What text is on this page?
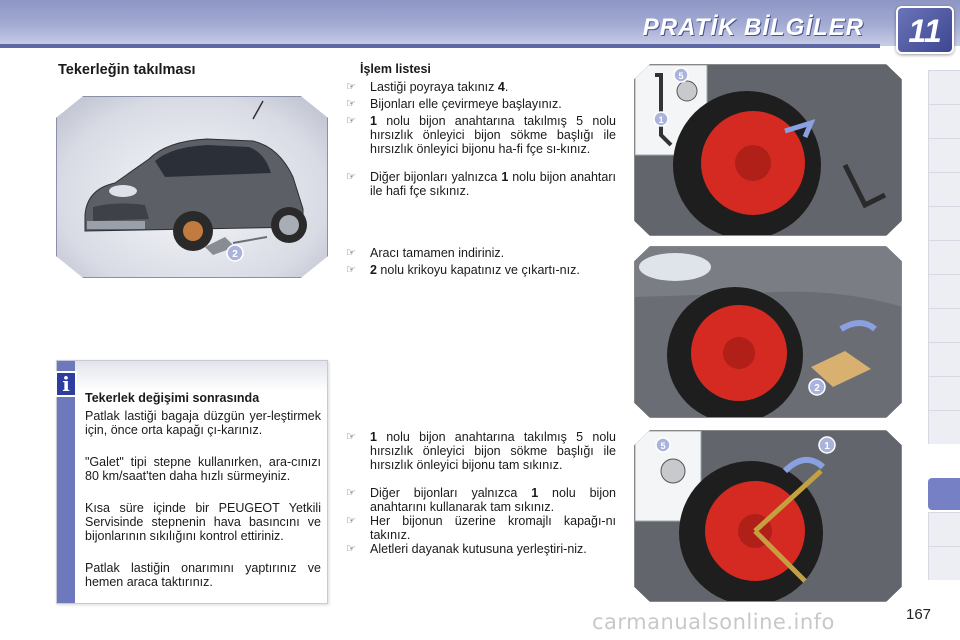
PRATİK BİLGİLER	11
Tekerleğin takılması
2
i
Tekerlek değişimi sonrasında
Patlak lastiği bagaja düzgün yer-leştirmek için, önce orta kapağı çı-karınız.
"Galet" tipi stepne kullanırken, ara-cınızı 80 km/saat'ten daha hızlı sürmeyiniz.
Kısa süre içinde bir PEUGEOT Yetkili Servisinde stepnenin hava basıncını ve bijonlarının sıkılığını kontrol ettiriniz.
Patlak lastiğin onarımını yaptırınız ve hemen araca taktırınız.
İşlem listesi
☞	Lastiği poyraya takınız 4.
☞	Bijonları elle çevirmeye başlayınız.
☞	1 nolu bijon anahtarına takılmış 5 nolu hırsızlık önleyici bijon sökme başlığı ile hırsızlık önleyici bijonu ha-fi fçe sı-kınız.
☞	Diğer bijonları yalnızca 1 nolu bijon anahtarı ile hafi fçe sıkınız.
☞	Aracı tamamen indiriniz.
☞	2 nolu krikoyu kapatınız ve çıkartı-nız.
☞	1 nolu bijon anahtarına takılmış 5 nolu hırsızlık önleyici bijon sökme başlığı ile hırsızlık önleyici bijonu tam sıkınız.
☞	Diğer bijonları yalnızca 1 nolu bijon anahtarını kullanarak tam sıkınız.
☞	Her bijonun üzerine kromajlı kapağı-nı takınız.
☞	Aletleri dayanak kutusuna yerleştiri-niz.
5
1
2
5	1
carmanualsonline.info	167
